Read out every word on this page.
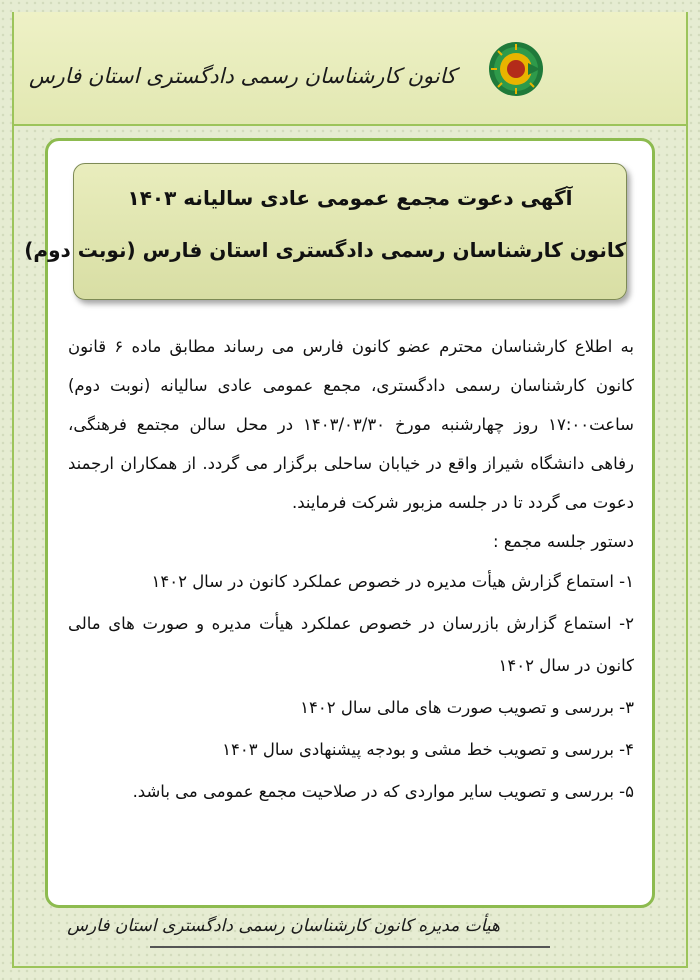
کانون کارشناسان رسمی دادگستری استان فارس
آگهی دعوت مجمع عمومی عادی سالیانه ۱۴۰۳
کانون کارشناسان رسمی دادگستری استان فارس (نوبت دوم)

به اطلاع کارشناسان محترم عضو کانون فارس می رساند مطابق ماده ۶ قانون کانون کارشناسان رسمی دادگستری، مجمع عمومی عادی سالیانه (نوبت دوم) ساعت۱۷:۰۰ روز چهارشنبه مورخ ۱۴۰۳/۰۳/۳۰ در محل سالن مجتمع فرهنگی، رفاهی دانشگاه شیراز واقع در خیابان ساحلی برگزار می گردد. از همکاران ارجمند دعوت می گردد تا در جلسه مزبور شرکت فرمایند.

دستور جلسه مجمع :

۱- استماع گزارش هیأت مدیره در خصوص عملکرد کانون در سال ۱۴۰۲

۲- استماع گزارش بازرسان در خصوص عملکرد هیأت مدیره و صورت های مالی کانون در سال ۱۴۰۲

۳- بررسی و تصویب صورت های مالی سال ۱۴۰۲

۴- بررسی و تصویب خط مشی و بودجه پیشنهادی سال ۱۴۰۳

۵- بررسی و تصویب سایر مواردی که در صلاحیت مجمع عمومی می باشد.

هیأت مدیره کانون کارشناسان رسمی دادگستری استان فارس
